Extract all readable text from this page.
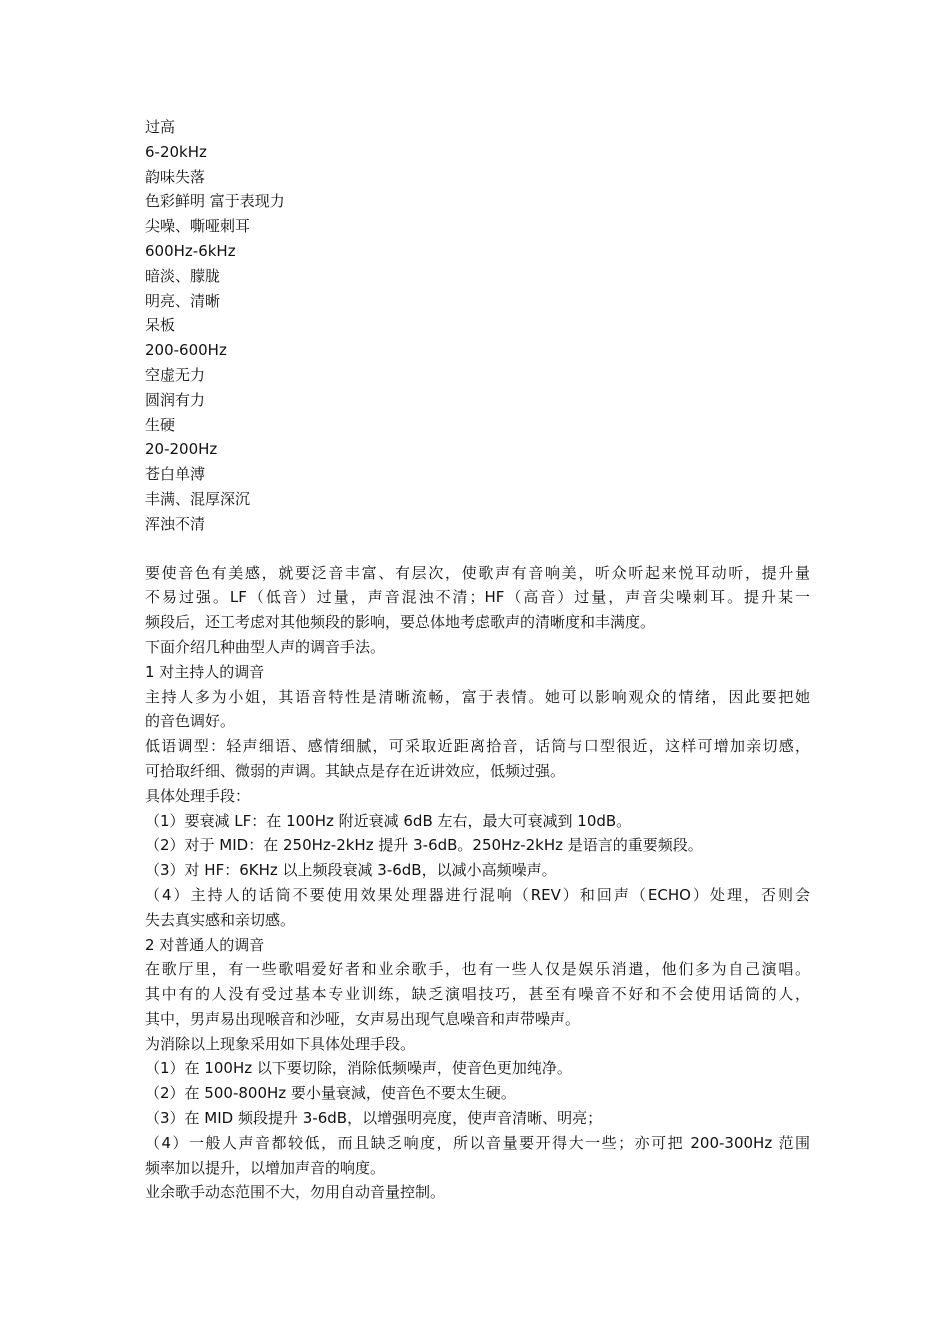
过高
6-20kHz
韵味失落
色彩鲜明 富于表现力
尖噪、嘶哑刺耳
600Hz-6kHz
暗淡、朦胧
明亮、清晰
呆板
200-600Hz
空虚无力
圆润有力
生硬
20-200Hz
苍白单溥
丰满、混厚深沉
浑浊不清
要使音色有美感，就要泛音丰富、有层次，使歌声有音响美，听众听起来悦耳动听，提升量
不易过强。LF（低音）过量，声音混浊不清；HF（高音）过量，声音尖噪刺耳。提升某一
频段后，还工考虑对其他频段的影响，要总体地考虑歌声的清晰度和丰满度。
下面介绍几种曲型人声的调音手法。
1 对主持人的调音
主持人多为小姐，其语音特性是清晰流畅，富于表情。她可以影响观众的情绪，因此要把她
的音色调好。
低语调型：轻声细语、感情细腻，可采取近距离拾音，话筒与口型很近，这样可增加亲切感，
可拾取纤细、微弱的声调。其缺点是存在近讲效应，低频过强。
具体处理手段：
（1）要衰减 LF：在 100Hz 附近衰减 6dB 左右，最大可衰减到 10dB。
（2）对于 MID：在 250Hz-2kHz 提升 3-6dB。250Hz-2kHz 是语言的重要频段。
（3）对 HF：6KHz 以上频段衰减 3-6dB，以减小高频噪声。
（4）主持人的话筒不要使用效果处理器进行混响（REV）和回声（ECHO）处理，否则会
失去真实感和亲切感。
2 对普通人的调音
在歌厅里，有一些歌唱爱好者和业余歌手，也有一些人仅是娱乐消遣，他们多为自己演唱。
其中有的人没有受过基本专业训练，缺乏演唱技巧，甚至有噪音不好和不会使用话筒的人，
其中，男声易出现喉音和沙哑，女声易出现气息噪音和声带噪声。
为消除以上现象采用如下具体处理手段。
（1）在 100Hz 以下要切除，消除低频噪声，使音色更加纯净。
（2）在 500-800Hz 要小量衰減，使音色不要太生硬。
（3）在 MID 频段提升 3-6dB，以增强明亮度，使声音清晰、明亮；
（4）一般人声音都较低，而且缺乏响度，所以音量要开得大一些；亦可把 200-300Hz 范围
频率加以提升，以增加声音的响度。
业余歌手动态范围不大，勿用自动音量控制。
